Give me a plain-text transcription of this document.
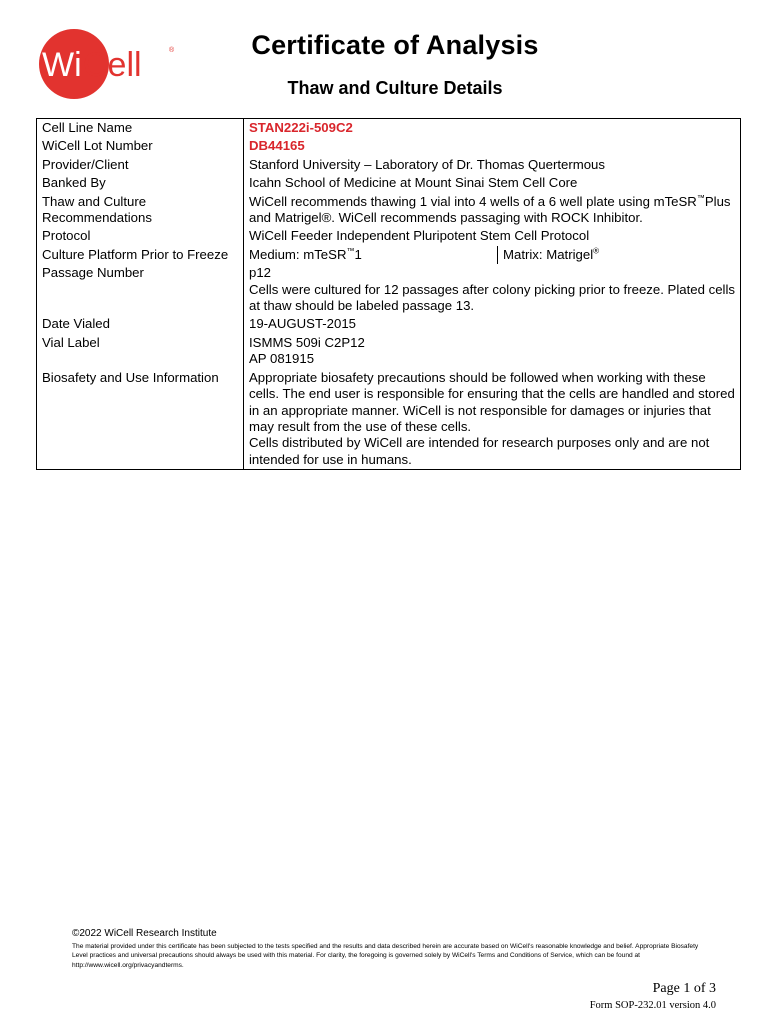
Wi Cell	®	Certificate of Analysis
Thaw and Culture Details
Cell Line Name	STAN222i-509C2
WiCell Lot Number	DB44165
Provider/Client	Stanford University – Laboratory of Dr. Thomas Quertermous
Banked By	Icahn School of Medicine at Mount Sinai Stem Cell Core
Thaw and Culture Recommendations	WiCell recommends thawing 1 vial into 4 wells of a 6 well plate using mTeSR™Plus and Matrigel®. WiCell recommends passaging with ROCK Inhibitor.
Protocol	WiCell Feeder Independent Pluripotent Stem Cell Protocol
Culture Platform Prior to Freeze	Medium: mTeSR™1 Matrix: Matrigel®

Passage Number	p12
Cells were cultured for 12 passages after colony picking prior to freeze. Plated cells at thaw should be labeled passage 13.

Date Vialed	19-AUGUST-2015
Vial Label	ISMMS 509i C2P12
AP 081915

Biosafety and Use Information	Appropriate biosafety precautions should be followed when working with these cells. The end user is responsible for ensuring that the cells are handled and stored in an appropriate manner. WiCell is not responsible for damages or injuries that may result from the use of these cells.
Cells distributed by WiCell are intended for research purposes only and are not intended for use in humans.
©2022 WiCell Research Institute
The material provided under this certificate has been subjected to the tests specified and the results and data described herein are accurate based on WiCell's reasonable knowledge and belief. Appropriate Biosafety Level practices and universal precautions should always be used with this material. For clarity, the foregoing is governed solely by WiCell's Terms and Conditions of Service, which can be found at http://www.wicell.org/privacyandterms.
Page 1 of 3
Form SOP-232.01 version 4.0
